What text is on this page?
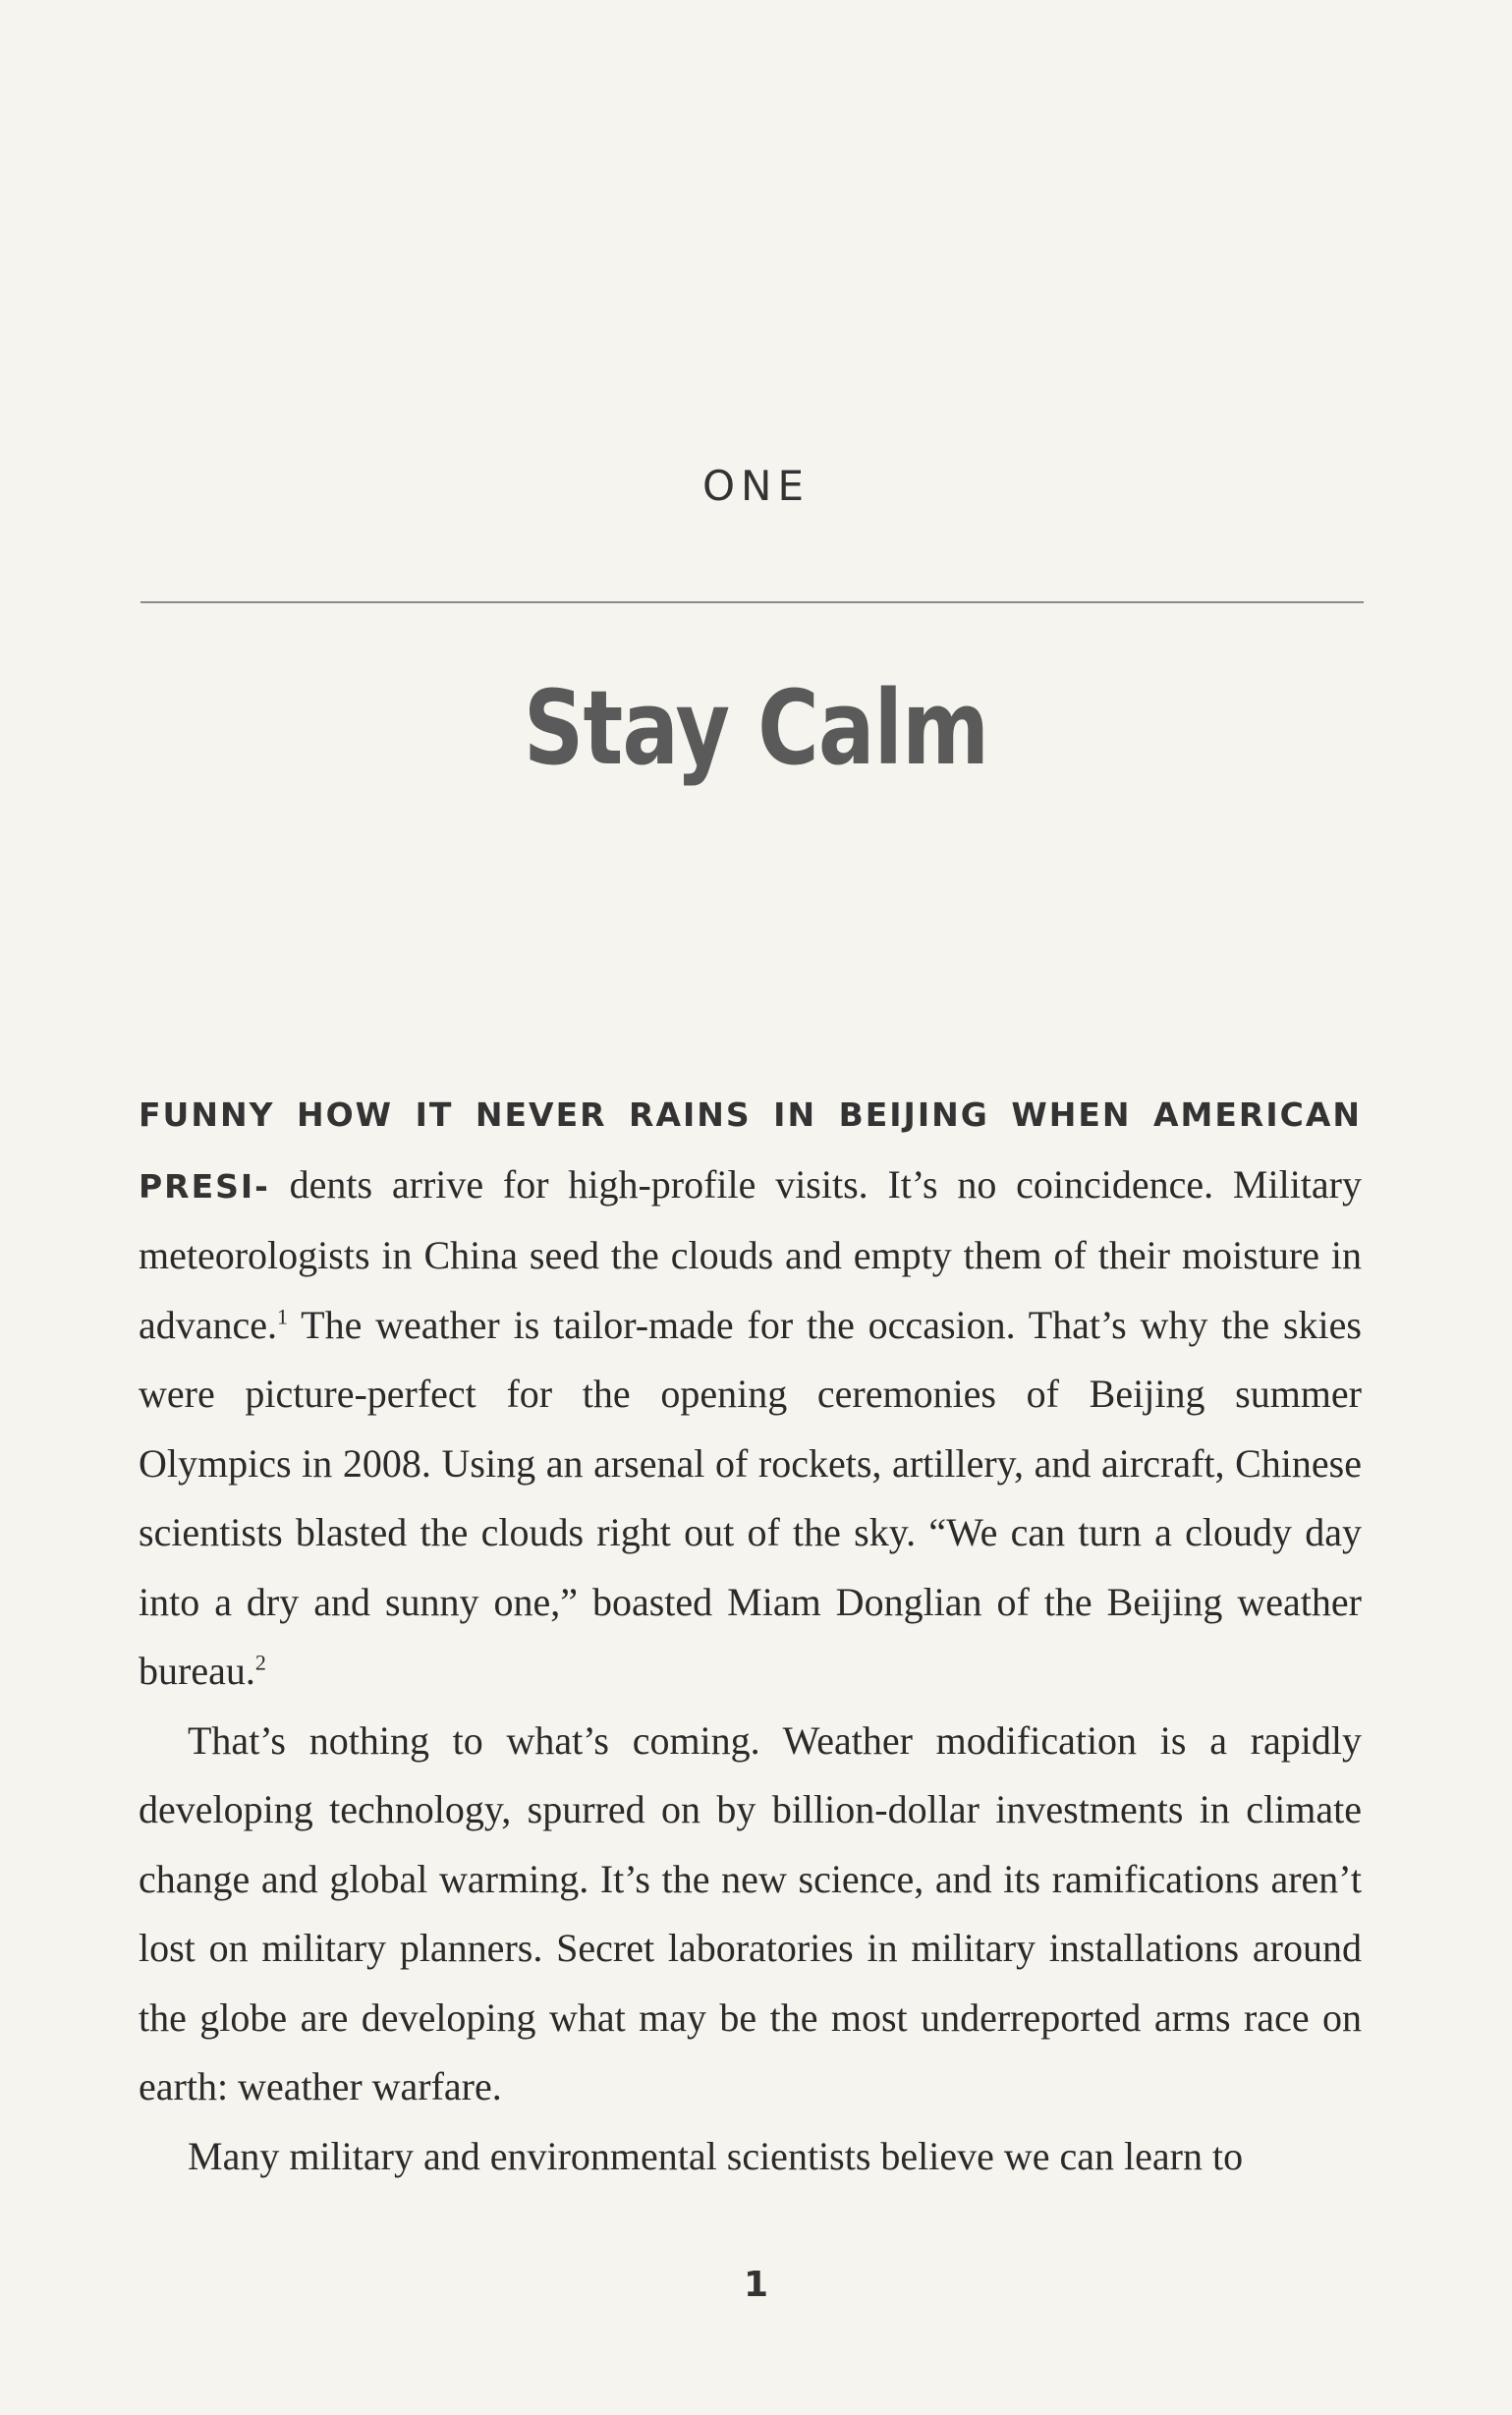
ONE
Stay Calm

FUNNY HOW IT NEVER RAINS IN BEIJING WHEN AMERICAN PRESI- dents arrive for high-profile visits. It’s no coincidence. Military meteorologists in China seed the clouds and empty them of their moisture in advance.$^1$ The weather is tailor-made for the occasion. That’s why the skies were picture-perfect for the opening ceremonies of Beijing summer Olympics in 2008. Using an arsenal of rockets, artillery, and aircraft, Chinese scientists blasted the clouds right out of the sky. “We can turn a cloudy day into a dry and sunny one,” boasted Miam Donglian of the Beijing weather bureau.$^2$

That’s nothing to what’s coming. Weather modification is a rapidly developing technology, spurred on by billion-dollar investments in climate change and global warming. It’s the new science, and its ramifications aren’t lost on military planners. Secret laboratories in military installations around the globe are developing what may be the most underreported arms race on earth: weather warfare.

Many military and environmental scientists believe we can learn to

1
